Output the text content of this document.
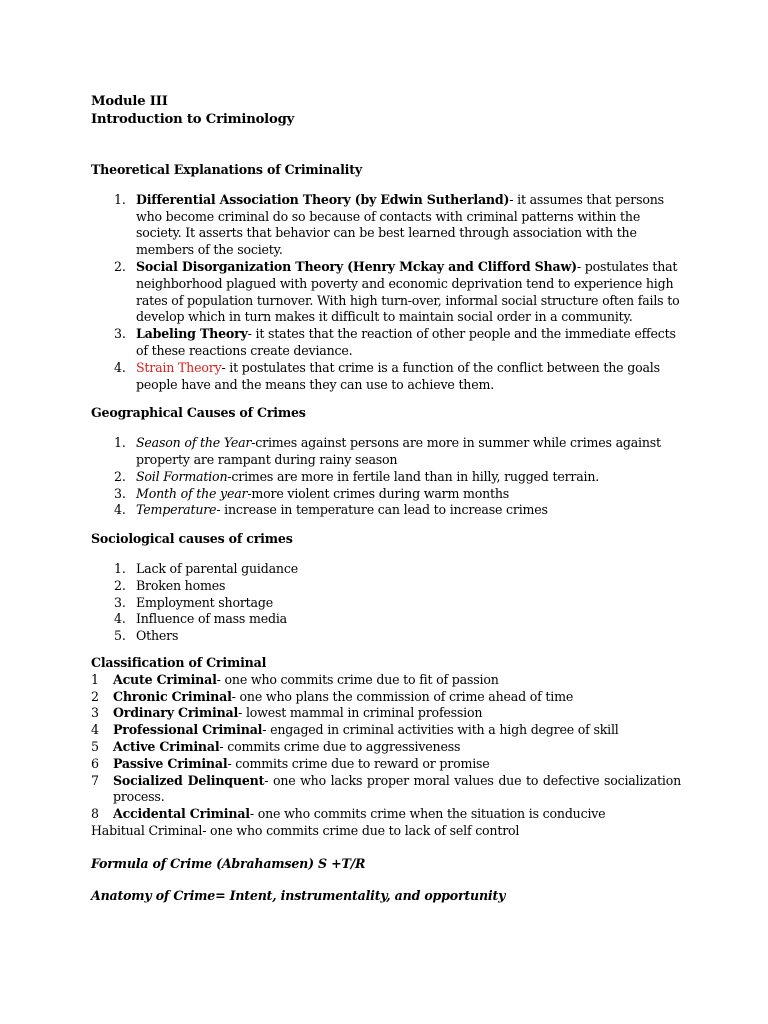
Module III
Introduction to Criminology
Theoretical Explanations of Criminality
1. Differential Association Theory (by Edwin Sutherland)- it assumes that persons who become criminal do so because of contacts with criminal patterns within the society. It asserts that behavior can be best learned through association with the members of the society.
2. Social Disorganization Theory (Henry Mckay and Clifford Shaw)- postulates that neighborhood plagued with poverty and economic deprivation tend to experience high rates of population turnover. With high turn-over, informal social structure often fails to develop which in turn makes it difficult to maintain social order in a community.
3. Labeling Theory- it states that the reaction of other people and the immediate effects of these reactions create deviance.
4. Strain Theory- it postulates that crime is a function of the conflict between the goals people have and the means they can use to achieve them.
Geographical Causes of Crimes
1. Season of the Year-crimes against persons are more in summer while crimes against property are rampant during rainy season
2. Soil Formation-crimes are more in fertile land than in hilly, rugged terrain.
3. Month of the year-more violent crimes during warm months
4. Temperature- increase in temperature can lead to increase crimes
Sociological causes of crimes
1. Lack of parental guidance
2. Broken homes
3. Employment shortage
4. Influence of mass media
5. Others
Classification of Criminal
1 Acute Criminal- one who commits crime due to fit of passion
2 Chronic Criminal- one who plans the commission of crime ahead of time
3 Ordinary Criminal- lowest mammal in criminal profession
4 Professional Criminal- engaged in criminal activities with a high degree of skill
5 Active Criminal- commits crime due to aggressiveness
6 Passive Criminal- commits crime due to reward or promise
7 Socialized Delinquent- one who lacks proper moral values due to defective socialization
process.
8 Accidental Criminal- one who commits crime when the situation is conducive
Habitual Criminal- one who commits crime due to lack of self control
Formula of Crime (Abrahamsen) S +T/R
Anatomy of Crime= Intent, instrumentality, and opportunity
